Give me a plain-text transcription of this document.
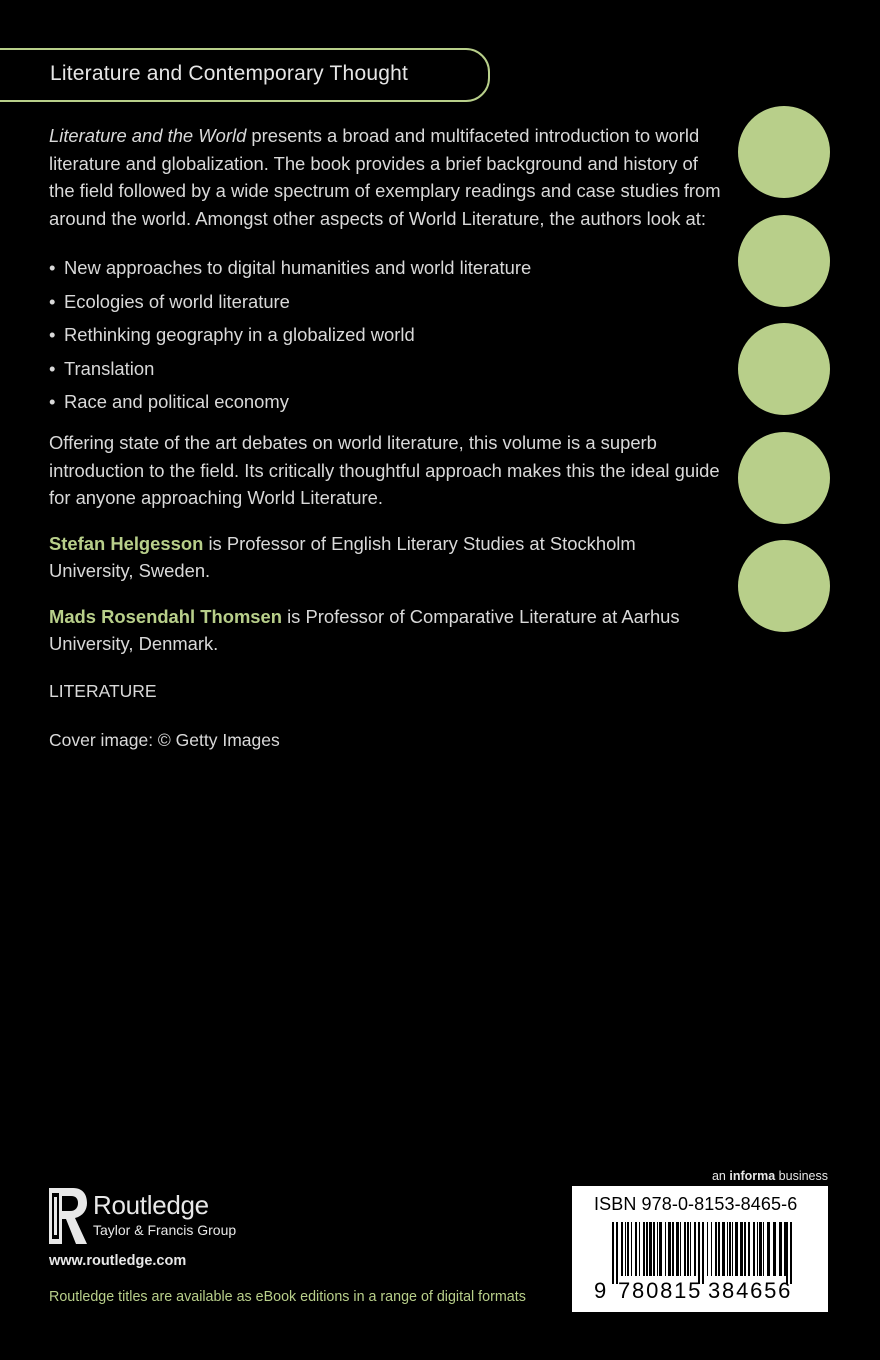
Literature and Contemporary Thought

Literature and the World presents a broad and multifaceted introduction to world literature and globalization. The book provides a brief background and history of the field followed by a wide spectrum of exemplary readings and case studies from around the world. Amongst other aspects of World Literature, the authors look at:

• New approaches to digital humanities and world literature
• Ecologies of world literature
• Rethinking geography in a globalized world
• Translation
• Race and political economy

Offering state of the art debates on world literature, this volume is a superb introduction to the field. Its critically thoughtful approach makes this the ideal guide for anyone approaching World Literature.

Stefan Helgesson is Professor of English Literary Studies at Stockholm University, Sweden.

Mads Rosendahl Thomsen is Professor of Comparative Literature at Aarhus University, Denmark.

LITERATURE

Cover image: © Getty Images

Routledge
Taylor & Francis Group
www.routledge.com
Routledge titles are available as eBook editions in a range of digital formats
an informa business
ISBN 978-0-8153-8465-6
9 780815 384656
